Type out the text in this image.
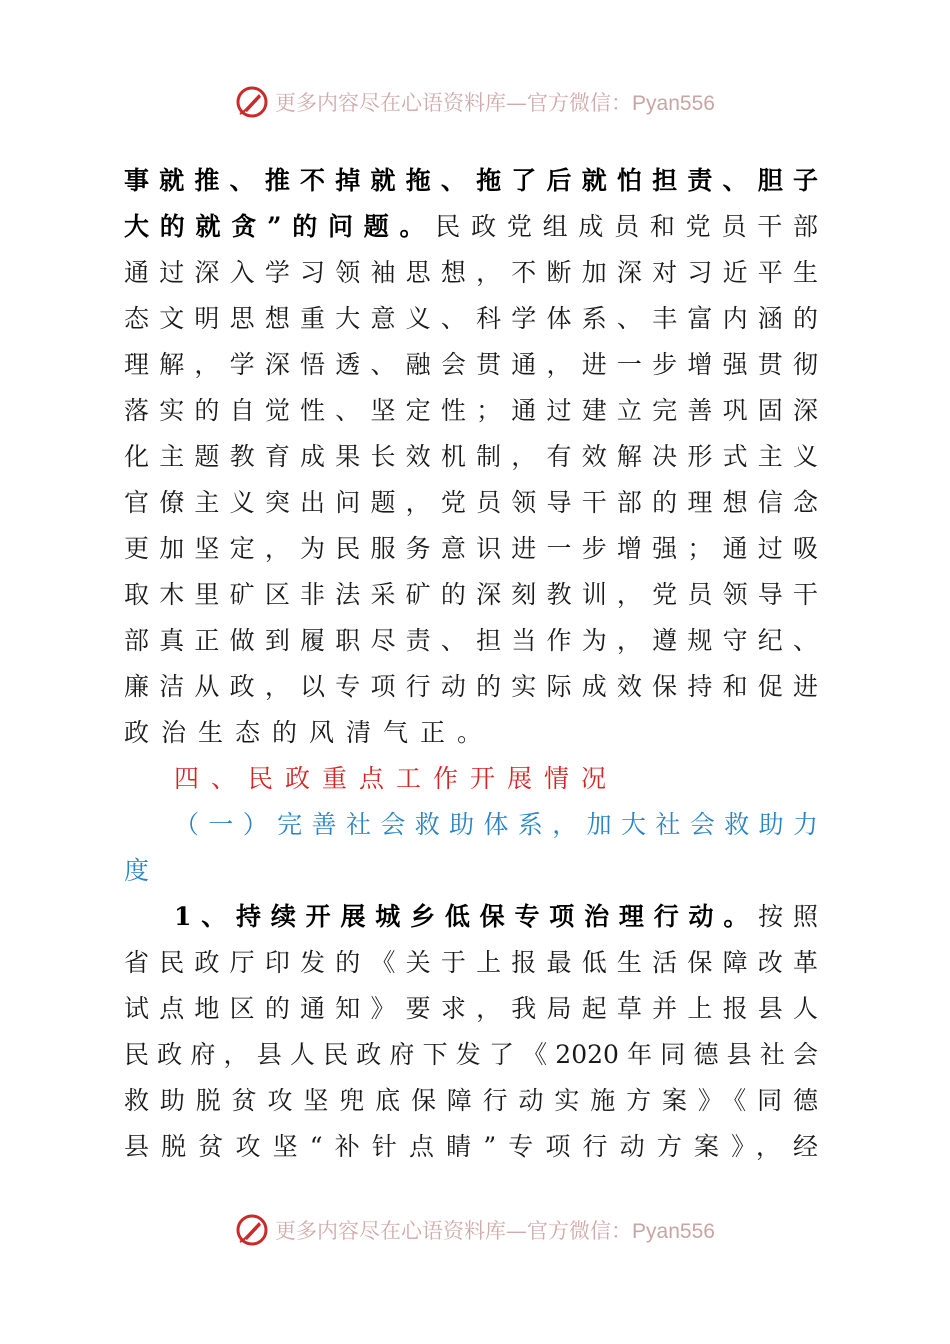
更多内容尽在心语资料库—官方微信：Pyan556
事就推、推不掉就拖、拖了后就怕担责、胆子
大的就贪”的问题。民政党组成员和党员干部
通过深入学习领袖思想，不断加深对习近平生
态文明思想重大意义、科学体系、丰富内涵的
理解，学深悟透、融会贯通，进一步增强贯彻
落实的自觉性、坚定性；通过建立完善巩固深
化主题教育成果长效机制，有效解决形式主义
官僚主义突出问题，党员领导干部的理想信念
更加坚定，为民服务意识进一步增强；通过吸
取木里矿区非法采矿的深刻教训，党员领导干
部真正做到履职尽责、担当作为，遵规守纪、
廉洁从政，以专项行动的实际成效保持和促进
政治生态的风清气正。
四、民政重点工作开展情况
（一）完善社会救助体系，加大社会救助力
度
1、持续开展城乡低保专项治理行动。按照
省民政厅印发的《关于上报最低生活保障改革
试点地区的通知》要求，我局起草并上报县人
民政府，县人民政府下发了《2020年同德县社会
救助脱贫攻坚兜底保障行动实施方案》《同德
县脱贫攻坚“补针点睛”专项行动方案》，经
更多内容尽在心语资料库—官方微信：Pyan556
